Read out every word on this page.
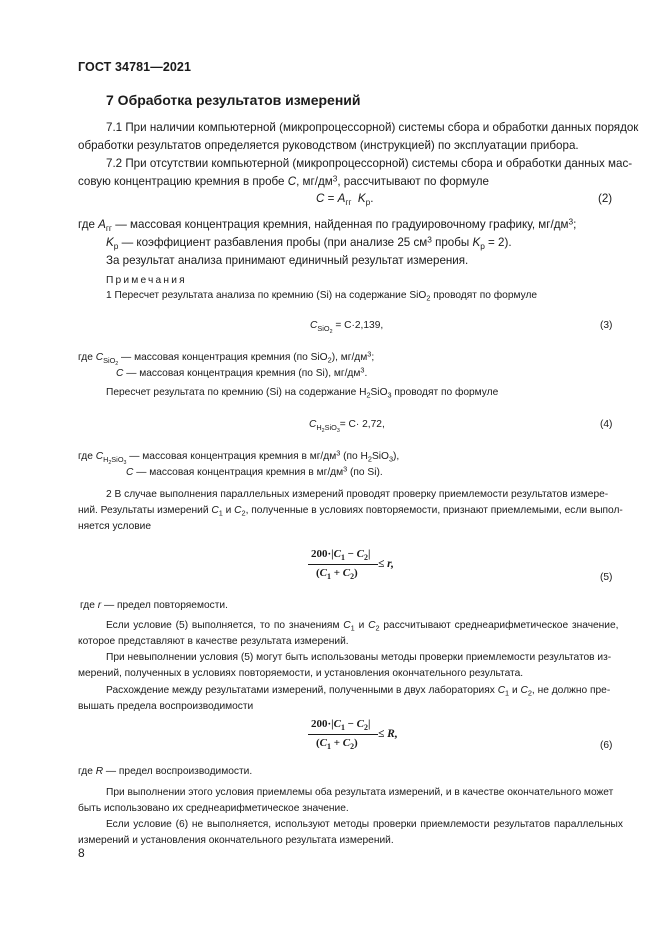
ГОСТ 34781—2021
7 Обработка результатов измерений
7.1 При наличии компьютерной (микропроцессорной) системы сбора и обработки данных порядок
обработки результатов определяется руководством (инструкцией) по эксплуатации прибора.
7.2 При отсутствии компьютерной (микропроцессорной) системы сбора и обработки данных мас-
совую концентрацию кремния в пробе C, $мг/дм^3$, рассчитывают по формуле
$C = A_{гг}$ $K_р$.	(2)
где $A_{гг}$ — массовая концентрация кремния, найденная по градуировочному графику, $мг/дм^3$;
$K_р$ — коэффициент разбавления пробы (при анализе 25 $см^3$ пробы $K_р = 2$).
За результат анализа принимают единичный результат измерения.
Примечания
1 Пересчет результата анализа по кремнию (Si) на содержание SiO$_2$ проводят по формуле
$C_{SiO_2} = C\cdot 2,139$,	(3)
где $C_{SiO_2}$ — массовая концентрация кремния (по SiO$_2$), $мг/дм^3$;
C — массовая концентрация кремния (по Si), $мг/дм^3$.
Пересчет результата по кремнию (Si) на содержание $H_2SiO_3$ проводят по формуле
$C_{H_2SiO_3}= C\cdot 2,72$,	(4)
где $C_{H_2SiO_3}$ — массовая концентрация кремния в $мг/дм^3$ (по $H_2SiO_3$),
C — массовая концентрация кремния в $мг/дм^3$ (по Si).
2 В случае выполнения параллельных измерений проводят проверку приемлемости результатов измере-
ний. Результаты измерений $C_1$ и $C_2$, полученные в условиях повторяемости, признают приемлемыми, если выпол-
няется условие
$200\cdot|C_1 - C_2|$
$(C_1 + C_2)$
≤ r,
(5)
где r — предел повторяемости.
Если условие (5) выполняется, то по значениям $C_1$ и $C_2$ рассчитывают среднеарифметическое значение,
которое представляют в качестве результата измерений.
При невыполнении условия (5) могут быть использованы методы проверки приемлемости результатов из-
мерений, полученных в условиях повторяемости, и установления окончательного результата.
Расхождение между результатами измерений, полученными в двух лабораториях $C_1$ и $C_2$, не должно пре-
вышать предела воспроизводимости
$200\cdot|C_1 - C_2|$
$(C_1 + C_2)$
≤ R,
(6)
где R — предел воспроизводимости.
При выполнении этого условия приемлемы оба результата измерений, и в качестве окончательного может
быть использовано их среднеарифметическое значение.
Если условие (6) не выполняется, используют методы проверки приемлемости результатов параллельных
измерений и установления окончательного результата измерений.
8
